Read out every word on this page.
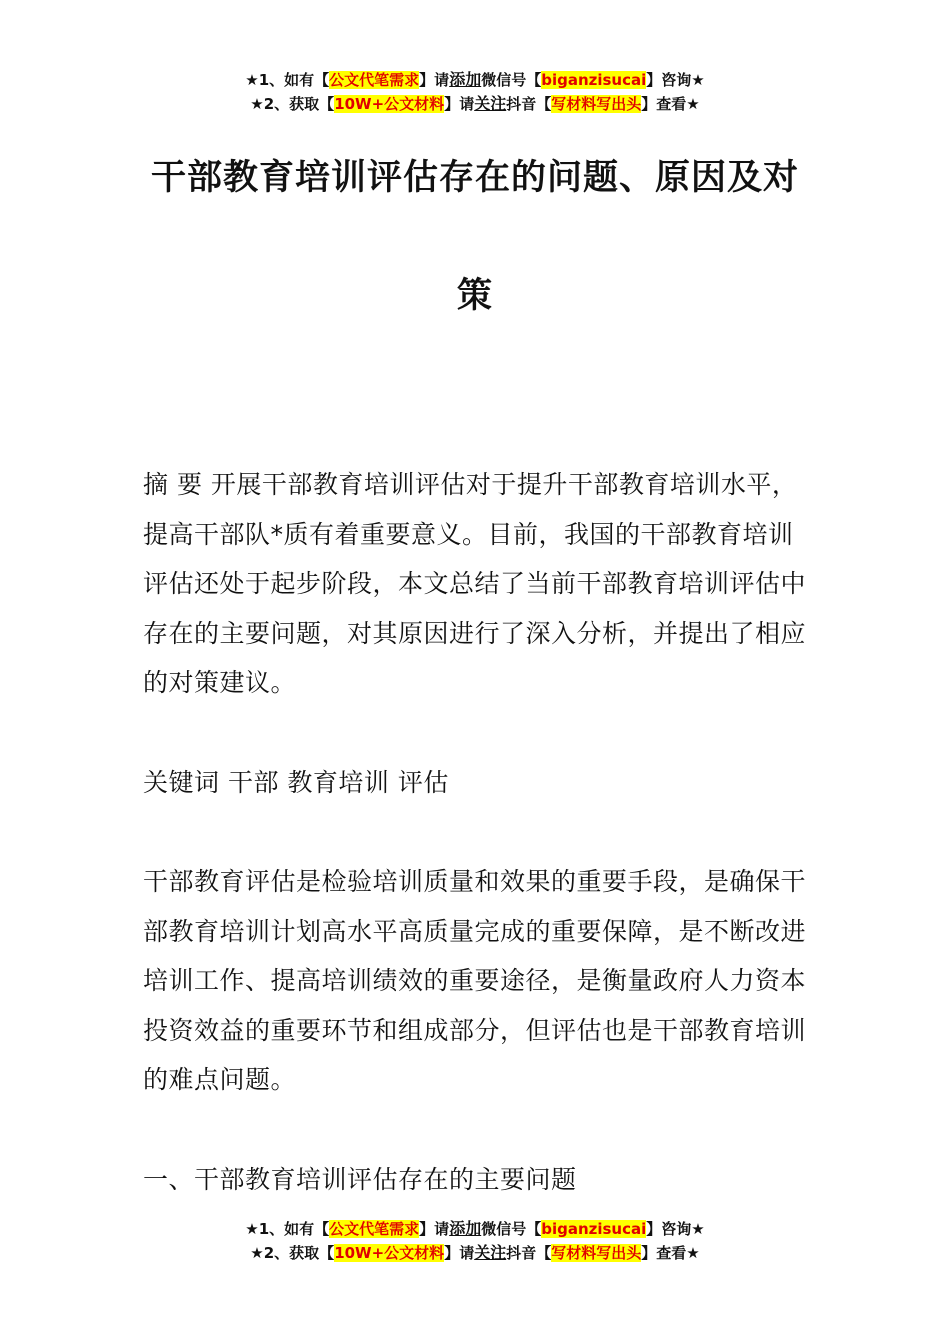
★1、如有【公文代笔需求】请添加微信号【biganzisucai】咨询★
★2、获取【10W+公文材料】请关注抖音【写材料写出头】查看★
干部教育培训评估存在的问题、原因及对
策
摘 要 开展干部教育培训评估对于提升干部教育培训水平，提高干部队*质有着重要意义。目前，我国的干部教育培训评估还处于起步阶段，本文总结了当前干部教育培训评估中存在的主要问题，对其原因进行了深入分析，并提出了相应的对策建议。
关键词 干部 教育培训 评估
干部教育评估是检验培训质量和效果的重要手段，是确保干部教育培训计划高水平高质量完成的重要保障，是不断改进培训工作、提高培训绩效的重要途径，是衡量政府人力资本投资效益的重要环节和组成部分，但评估也是干部教育培训的难点问题。
一、干部教育培训评估存在的主要问题
★1、如有【公文代笔需求】请添加微信号【biganzisucai】咨询★
★2、获取【10W+公文材料】请关注抖音【写材料写出头】查看★
